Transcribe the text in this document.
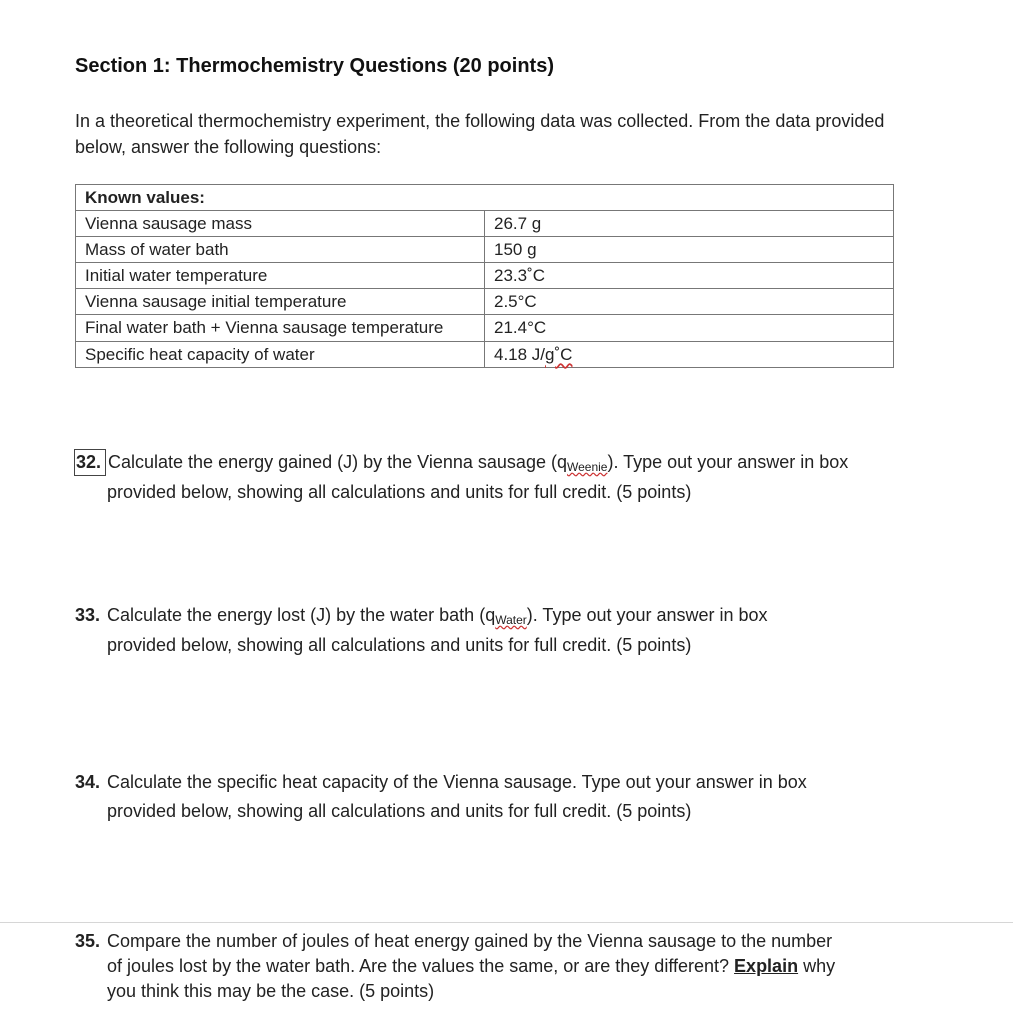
Section 1: Thermochemistry Questions (20 points)
In a theoretical thermochemistry experiment, the following data was collected. From the data provided below, answer the following questions:
Known values:	
Vienna sausage mass	26.7 g
Mass of water bath	150 g
Initial water temperature	23.3˚C
Vienna sausage initial temperature	2.5°C
Final water bath + Vienna sausage temperature	21.4°C
Specific heat capacity of water	4.18 J/g˚C
32. Calculate the energy gained (J) by the Vienna sausage $(q_{Weenie})$. Type out your answer in box
provided below, showing all calculations and units for full credit. (5 points)
33. Calculate the energy lost (J) by the water bath $(q_{Water})$. Type out your answer in box
provided below, showing all calculations and units for full credit. (5 points)
34. Calculate the specific heat capacity of the Vienna sausage. Type out your answer in box
provided below, showing all calculations and units for full credit. (5 points)
35. Compare the number of joules of heat energy gained by the Vienna sausage to the number
of joules lost by the water bath. Are the values the same, or are they different? Explain why
you think this may be the case. (5 points)
